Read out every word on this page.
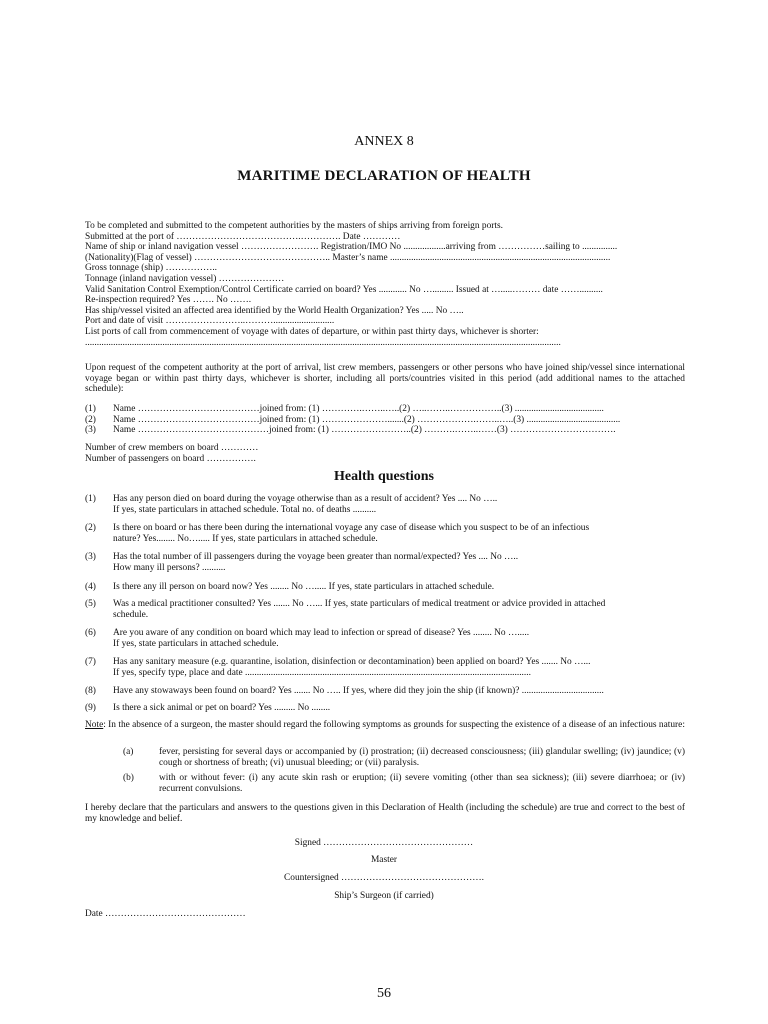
ANNEX 8
MARITIME DECLARATION OF HEALTH
To be completed and submitted to the competent authorities by the masters of ships arriving from foreign ports.
Submitted at the port of ………………………………….…………. Date …………
Name of ship or inland navigation vessel ……………………. Registration/IMO No ..................arriving from ……………sailing to ...............
(Nationality)(Flag of vessel) …………………………………….. Master’s name ..............................................................................................
Gross tonnage (ship) ……………..
Tonnage (inland navigation vessel) …………………
Valid Sanitation Control Exemption/Control Certificate carried on board? Yes ............ No …......... Issued at ….....……… date ……..........
Re-inspection required? Yes ……. No …….
Has ship/vessel visited an affected area identified by the World Health Organization? Yes ..... No …..
Port and date of visit ……………………..………..........................
List ports of call from commencement of voyage with dates of departure, or within past thirty days, whichever is shorter:
...........................................................................................................................................................................................................
Upon request of the competent authority at the port of arrival, list crew members, passengers or other persons who have joined ship/vessel since international voyage began or within past thirty days, whichever is shorter, including all ports/countries visited in this period (add additional names to the attached schedule):
(1)	Name …………………………………joined from: (1) ………….……..…..(2) …..……..……………..(3) ......................................
(2)	Name …………………………………joined from: (1) ………………….......(2) ……………….……..…..(3) ........................................
(3)	Name ……………………………………joined from: (1) ……………………..(2) ……….……..……(3) …………………………….
Number of crew members on board …………
Number of passengers on board …………….
Health questions
(1)	Has any person died on board during the voyage otherwise than as a result of accident? Yes .... No …..
If yes, state particulars in attached schedule. Total no. of deaths ..........
(2)	Is there on board or has there been during the international voyage any case of disease which you suspect to be of an infectious
nature? Yes........ No…..... If yes, state particulars in attached schedule.
(3)	Has the total number of ill passengers during the voyage been greater than normal/expected? Yes .... No …..
How many ill persons? ..........
(4)	Is there any ill person on board now? Yes ........ No …..... If yes, state particulars in attached schedule.
(5)	Was a medical practitioner consulted? Yes ....... No …... If yes, state particulars of medical treatment or advice provided in attached
schedule.
(6)	Are you aware of any condition on board which may lead to infection or spread of disease? Yes ........ No ….....
If yes, state particulars in attached schedule.
(7)	Has any sanitary measure (e.g. quarantine, isolation, disinfection or decontamination) been applied on board? Yes ....... No …...
If yes, specify type, place and date ..........................................................................................................................
(8)	Have any stowaways been found on board? Yes ....... No ….. If yes, where did they join the ship (if known)? ...................................
(9)	Is there a sick animal or pet on board? Yes ......... No ........
Note: In the absence of a surgeon, the master should regard the following symptoms as grounds for suspecting the existence of a disease of an infectious nature:
(a)	fever, persisting for several days or accompanied by (i) prostration; (ii) decreased consciousness; (iii) glandular swelling; (iv) jaundice; (v) cough or shortness of breath; (vi) unusual bleeding; or (vii) paralysis.
(b)	with or without fever: (i) any acute skin rash or eruption; (ii) severe vomiting (other than sea sickness); (iii) severe diarrhoea; or (iv) recurrent convulsions.
I hereby declare that the particulars and answers to the questions given in this Declaration of Health (including the schedule) are true and correct to the best of my knowledge and belief.
Signed …………………………………………
Master
Countersigned ……………………………………….
Ship’s Surgeon (if carried)
Date ………………………………………
56
